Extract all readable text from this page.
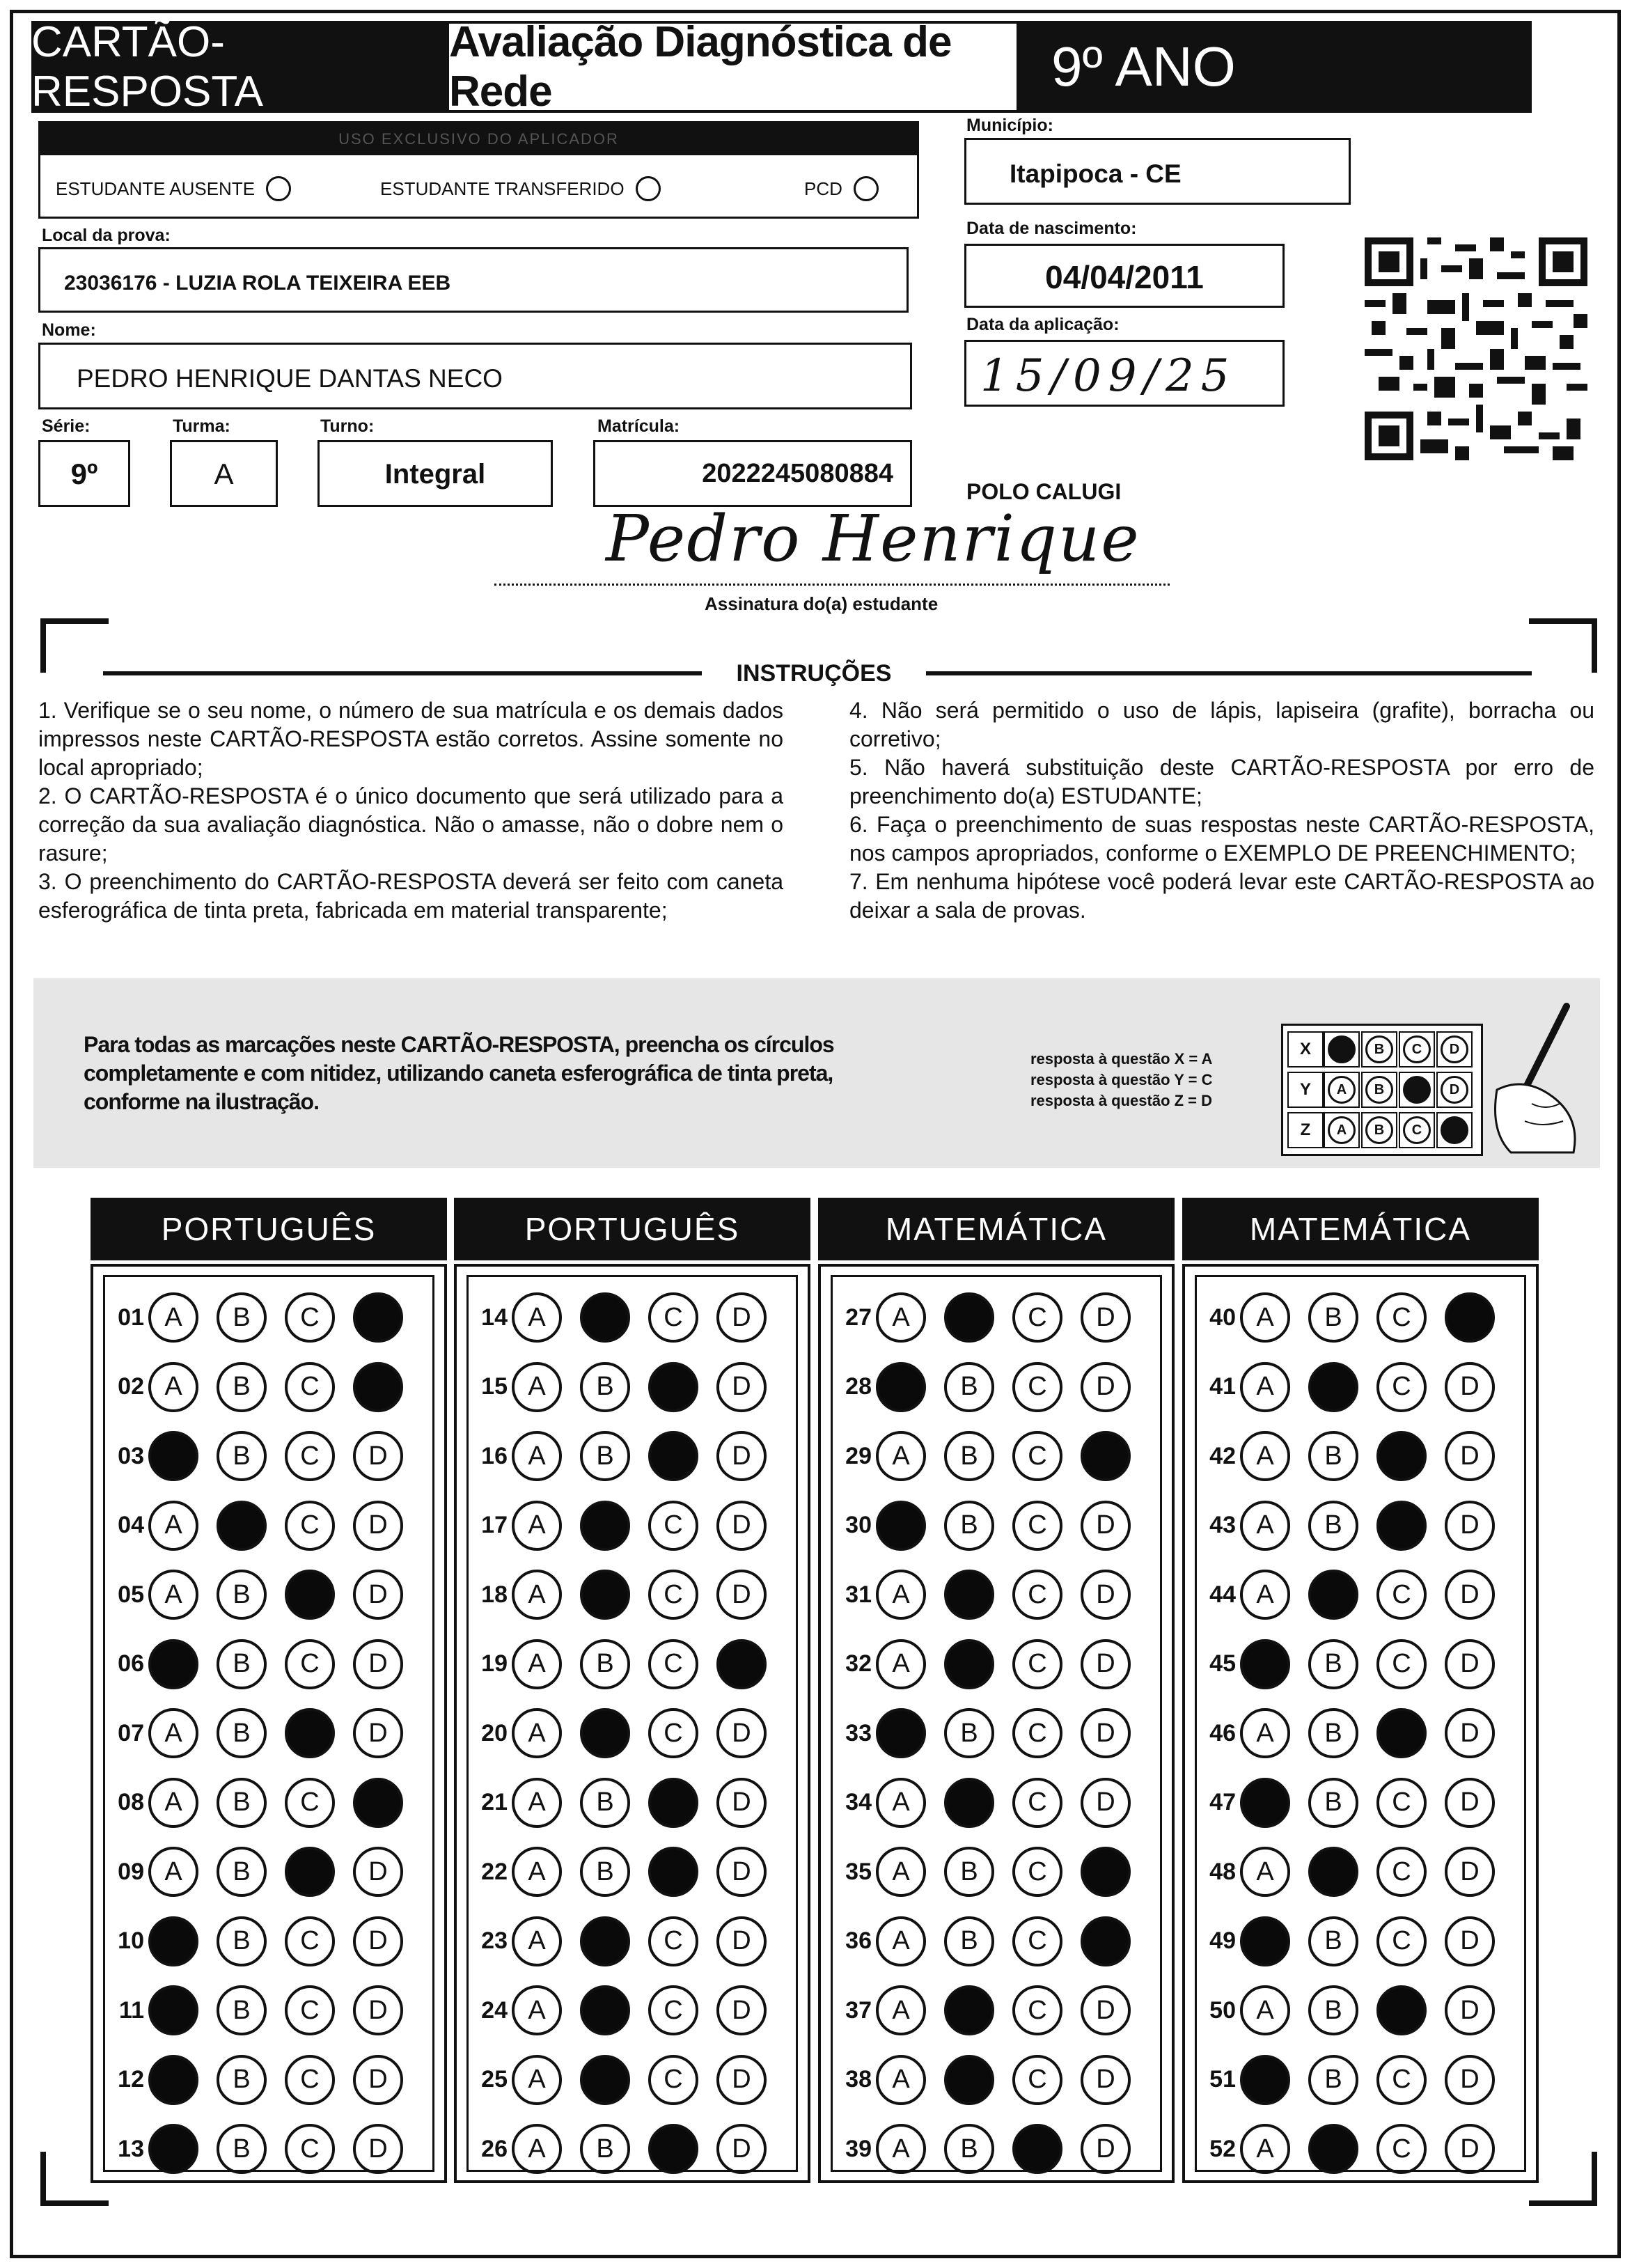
CARTÃO-RESPOSTA
Avaliação Diagnóstica de Rede	9º ANO
USO EXCLUSIVO DO APLICADOR
ESTUDANTE AUSENTE	ESTUDANTE TRANSFERIDO	PCD
Município:
Itapipoca - CE
Local da prova:
23036176 - LUZIA ROLA TEIXEIRA EEB
Data de nascimento:
04/04/2011
Nome:
PEDRO HENRIQUE DANTAS NECO
Data da aplicação:
15/09/25
Série:
9º
Turma:
A
Turno:
Integral
Matrícula:
2022245080884
POLO CALUGI
Pedro Henrique
Assinatura do(a) estudante
INSTRUÇÕES

1. Verifique se o seu nome, o número de sua matrícula e os demais dados impressos neste CARTÃO-RESPOSTA estão corretos. Assine somente no local apropriado;

2. O CARTÃO-RESPOSTA é o único documento que será utilizado para a correção da sua avaliação diagnóstica. Não o amasse, não o dobre nem o rasure;

3. O preenchimento do CARTÃO-RESPOSTA deverá ser feito com caneta esferográfica de tinta preta, fabricada em material transparente;

4. Não será permitido o uso de lápis, lapiseira (grafite), borracha ou corretivo;

5. Não haverá substituição deste CARTÃO-RESPOSTA por erro de preenchimento do(a) ESTUDANTE;

6. Faça o preenchimento de suas respostas neste CARTÃO-RESPOSTA, nos campos apropriados, conforme o EXEMPLO DE PREENCHIMENTO;

7. Em nenhuma hipótese você poderá levar este CARTÃO-RESPOSTA ao deixar a sala de provas.

Para todas as marcações neste CARTÃO-RESPOSTA, preencha os círculos completamente e com nitidez, utilizando caneta esferográfica de tinta preta, conforme na ilustração.
resposta à questão X = A
resposta à questão Y = C
resposta à questão Z = D
X	A	B	C	D
Y	A	B	C	D
Z	A	B	C	D
PORTUGUÊS
01 A	B	C	D
02 A	B	C	D
03 A	B	C	D
04 A	B	C	D
05 A	B	C	D
06 A	B	C	D
07 A	B	C	D
08 A	B	C	D
09 A	B	C	D
10 A	B	C	D
11 A	B	C	D
12 A	B	C	D
13 A	B	C	D
PORTUGUÊS
14 A	B	C	D
15 A	B	C	D
16 A	B	C	D
17 A	B	C	D
18 A	B	C	D
19 A	B	C	D
20 A	B	C	D
21 A	B	C	D
22 A	B	C	D
23 A	B	C	D
24 A	B	C	D
25 A	B	C	D
26 A	B	C	D
MATEMÁTICA
27 A	B	C	D
28 A	B	C	D
29 A	B	C	D
30 A	B	C	D
31 A	B	C	D
32 A	B	C	D
33 A	B	C	D
34 A	B	C	D
35 A	B	C	D
36 A	B	C	D
37 A	B	C	D
38 A	B	C	D
39 A	B	C	D
MATEMÁTICA
40 A	B	C	D
41 A	B	C	D
42 A	B	C	D
43 A	B	C	D
44 A	B	C	D
45 A	B	C	D
46 A	B	C	D
47 A	B	C	D
48 A	B	C	D
49 A	B	C	D
50 A	B	C	D
51 A	B	C	D
52 A	B	C	D
